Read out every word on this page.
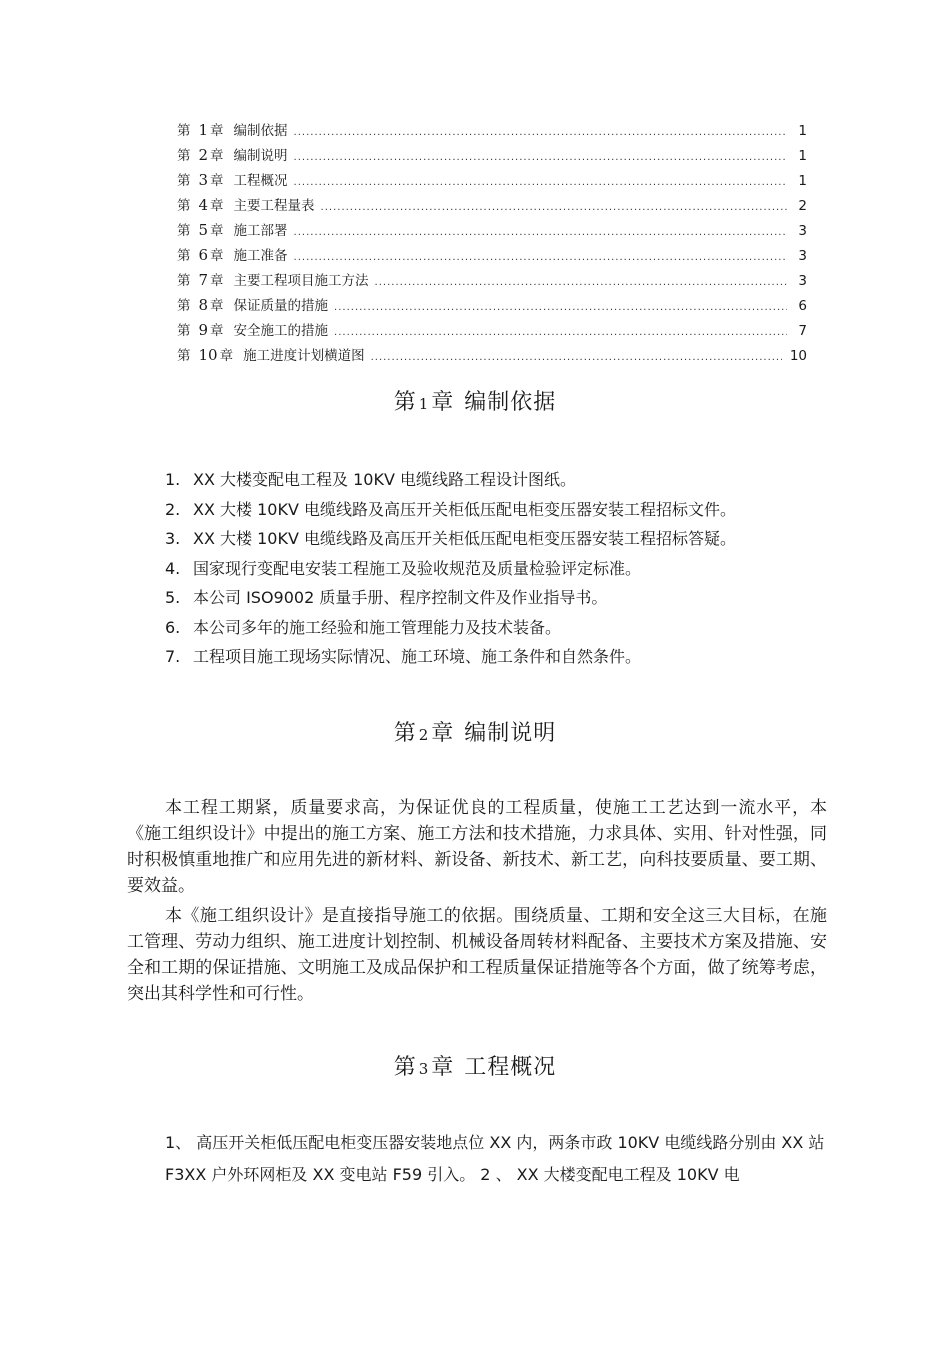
第 1 章 编制依据 .....	1
第 2 章 编制说明 .....	1
第 3 章 工程概况 .....	1
第 4 章 主要工程量表 .....	2
第 5 章 施工部署 .....	3
第 6 章 施工准备 .....	3
第 7 章 主要工程项目施工方法 .....	3
第 8 章 保证质量的措施 .....	6
第 9 章 安全施工的措施 .....	7
第 10 章 施工进度计划横道图 .....	10
第 1章 编制依据
1. XX 大楼变配电工程及 10KV 电缆线路工程设计图纸。
2. XX 大楼 10KV 电缆线路及高压开关柜低压配电柜变压器安装工程招标文件。
3. XX 大楼 10KV 电缆线路及高压开关柜低压配电柜变压器安装工程招标答疑。
4. 国家现行变配电安装工程施工及验收规范及质量检验评定标准。
5. 本公司 ISO9002 质量手册、程序控制文件及作业指导书。
6. 本公司多年的施工经验和施工管理能力及技术装备。
7. 工程项目施工现场实际情况、施工环境、施工条件和自然条件。
第 2章 编制说明

本工程工期紧，质量要求高，为保证优良的工程质量，使施工工艺达到一流水平，本《施工组织设计》中提出的施工方案、施工方法和技术措施，力求具体、实用、针对性强，同时积极慎重地推广和应用先进的新材料、新设备、新技术、新工艺，向科技要质量、要工期、要效益。

本《施工组织设计》是直接指导施工的依据。围绕质量、工期和安全这三大目标，在施工管理、劳动力组织、施工进度计划控制、机械设备周转材料配备、主要技术方案及措施、安全和工期的保证措施、文明施工及成品保护和工程质量保证措施等各个方面，做了统筹考虑，突出其科学性和可行性。

第 3章 工程概况

1、 高压开关柜低压配电柜变压器安装地点位 XX 内，两条市政 10KV 电缆线路分别由 XX 站

F3XX 户外环网柜及 XX 变电站 F59 引入。 2 、 XX 大楼变配电工程及 10KV 电
